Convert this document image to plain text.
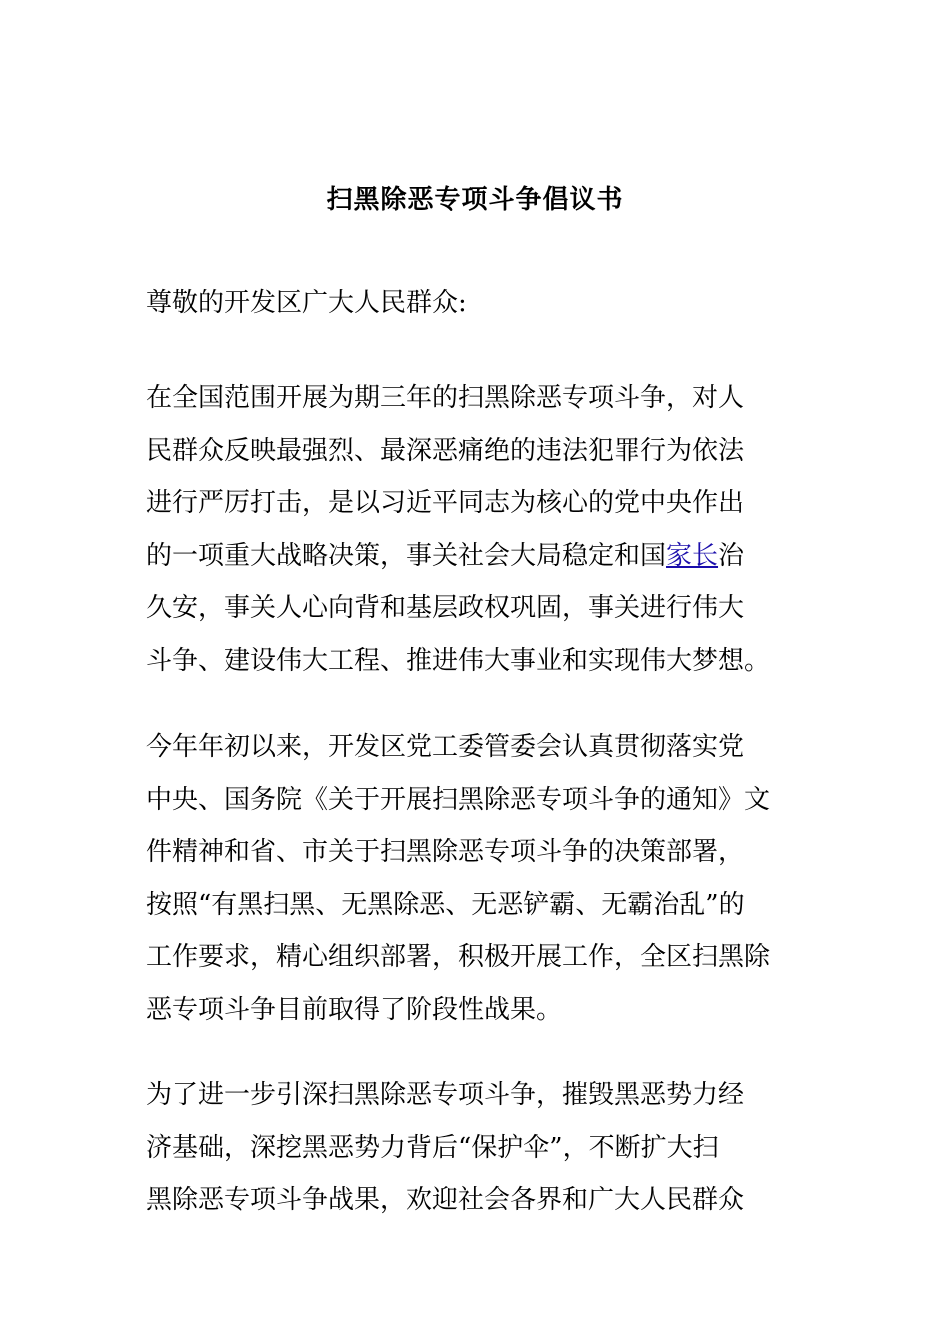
扫黑除恶专项斗争倡议书
尊敬的开发区广大人民群众:
在全国范围开展为期三年的扫黑除恶专项斗争，对人
民群众反映最强烈、最深恶痛绝的违法犯罪行为依法
进行严厉打击，是以习近平同志为核心的党中央作出
的一项重大战略决策，事关社会大局稳定和国家长治
久安，事关人心向背和基层政权巩固，事关进行伟大
斗争、建设伟大工程、推进伟大事业和实现伟大梦想。
今年年初以来，开发区党工委管委会认真贯彻落实党
中央、国务院《关于开展扫黑除恶专项斗争的通知》文
件精神和省、市关于扫黑除恶专项斗争的决策部署，
按照“有黑扫黑、无黑除恶、无恶铲霸、无霸治乱”的
工作要求，精心组织部署，积极开展工作，全区扫黑除
恶专项斗争目前取得了阶段性战果。
为了进一步引深扫黑除恶专项斗争，摧毁黑恶势力经
济基础，深挖黑恶势力背后“保护伞”，不断扩大扫
黑除恶专项斗争战果，欢迎社会各界和广大人民群众
